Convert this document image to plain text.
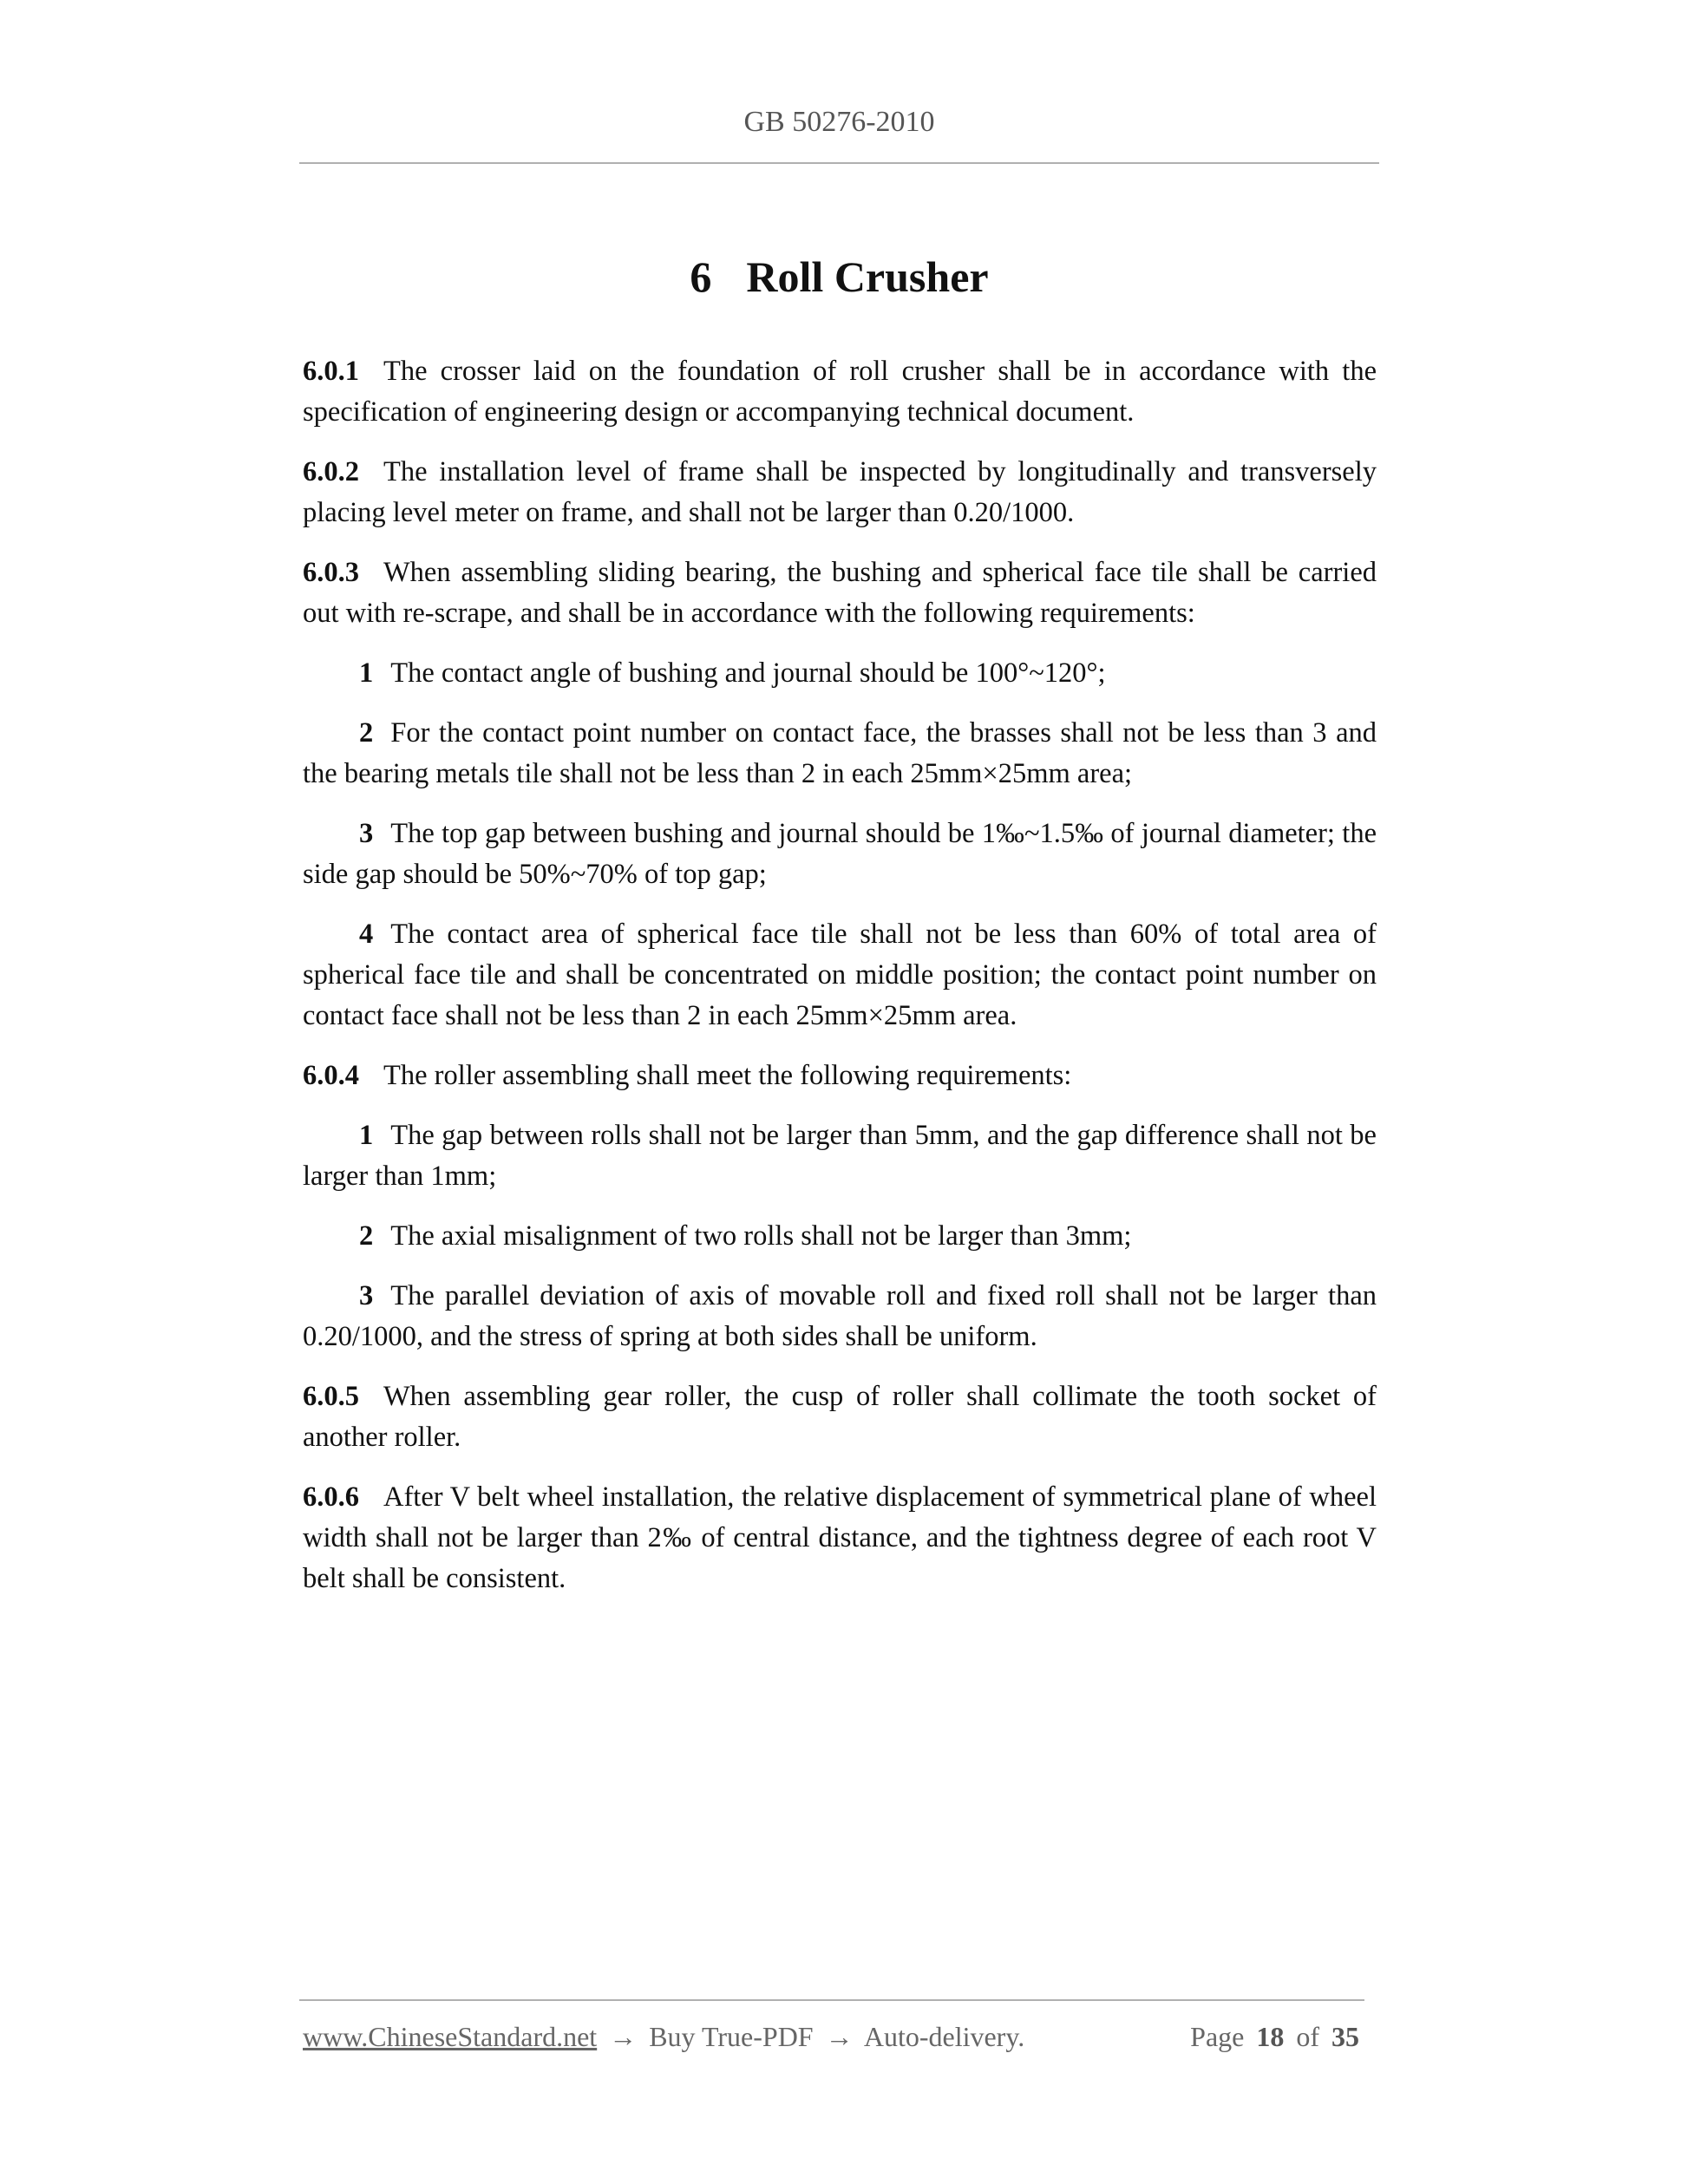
GB 50276-2010
6 Roll Crusher

6.0.1 The crosser laid on the foundation of roll crusher shall be in accordance with the specification of engineering design or accompanying technical document.

6.0.2 The installation level of frame shall be inspected by longitudinally and transversely placing level meter on frame, and shall not be larger than 0.20/1000.

6.0.3 When assembling sliding bearing, the bushing and spherical face tile shall be carried out with re-scrape, and shall be in accordance with the following requirements:

1 The contact angle of bushing and journal should be 100°~120°;

2 For the contact point number on contact face, the brasses shall not be less than 3 and the bearing metals tile shall not be less than 2 in each 25mm×25mm area;

3 The top gap between bushing and journal should be 1‰~1.5‰ of journal diameter; the side gap should be 50%~70% of top gap;

4 The contact area of spherical face tile shall not be less than 60% of total area of spherical face tile and shall be concentrated on middle position; the contact point number on contact face shall not be less than 2 in each 25mm×25mm area.

6.0.4 The roller assembling shall meet the following requirements:

1 The gap between rolls shall not be larger than 5mm, and the gap difference shall not be larger than 1mm;

2 The axial misalignment of two rolls shall not be larger than 3mm;

3 The parallel deviation of axis of movable roll and fixed roll shall not be larger than 0.20/1000, and the stress of spring at both sides shall be uniform.

6.0.5 When assembling gear roller, the cusp of roller shall collimate the tooth socket of another roller.

6.0.6 After V belt wheel installation, the relative displacement of symmetrical plane of wheel width shall not be larger than 2‰ of central distance, and the tightness degree of each root V belt shall be consistent.

www.ChineseStandard.net → Buy True-PDF → Auto-delivery.	Page 18 of 35
